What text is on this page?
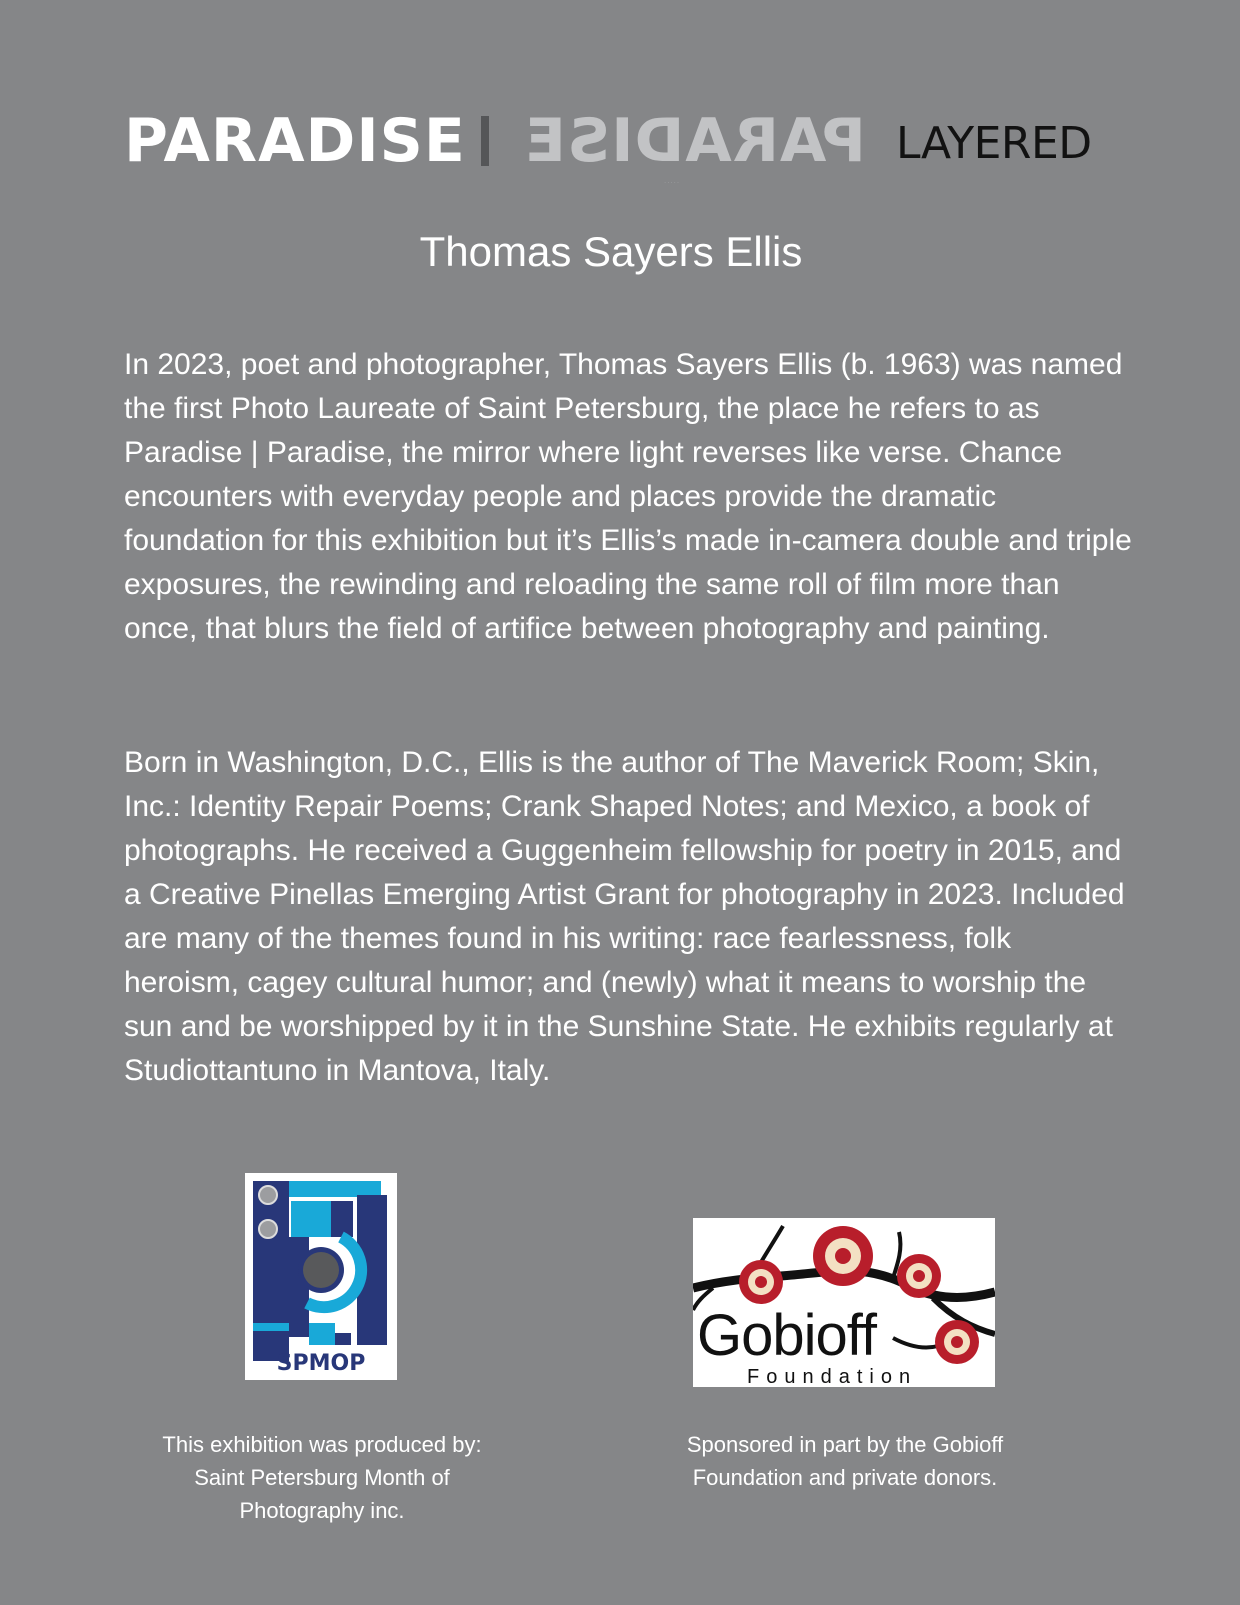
PARADISE PARADISE
.....
LAYERED
Thomas Sayers Ellis

In 2023, poet and photographer, Thomas Sayers Ellis (b. 1963) was named the first Photo Laureate of Saint Petersburg, the place he refers to as Paradise | Paradise, the mirror where light reverses like verse. Chance encounters with everyday people and places provide the dramatic foundation for this exhibition but it’s Ellis’s made in-camera double and triple exposures, the rewinding and reloading the same roll of film more than once, that blurs the field of artifice between photography and painting.

Born in Washington, D.C., Ellis is the author of The Maverick Room; Skin, Inc.: Identity Repair Poems; Crank Shaped Notes; and Mexico, a book of photographs. He received a Guggenheim fellowship for poetry in 2015, and a Creative Pinellas Emerging Artist Grant for photography in 2023. Included are many of the themes found in his writing: race fearlessness, folk heroism, cagey cultural humor; and (newly) what it means to worship the sun and be worshipped by it in the Sunshine State. He exhibits regularly at Studiottantuno in Mantova, Italy.

SPMOP	Gobioff
Foundation

This exhibition was produced by: Saint Petersburg Month of Photography inc.

Sponsored in part by the Gobioff Foundation and private donors.
